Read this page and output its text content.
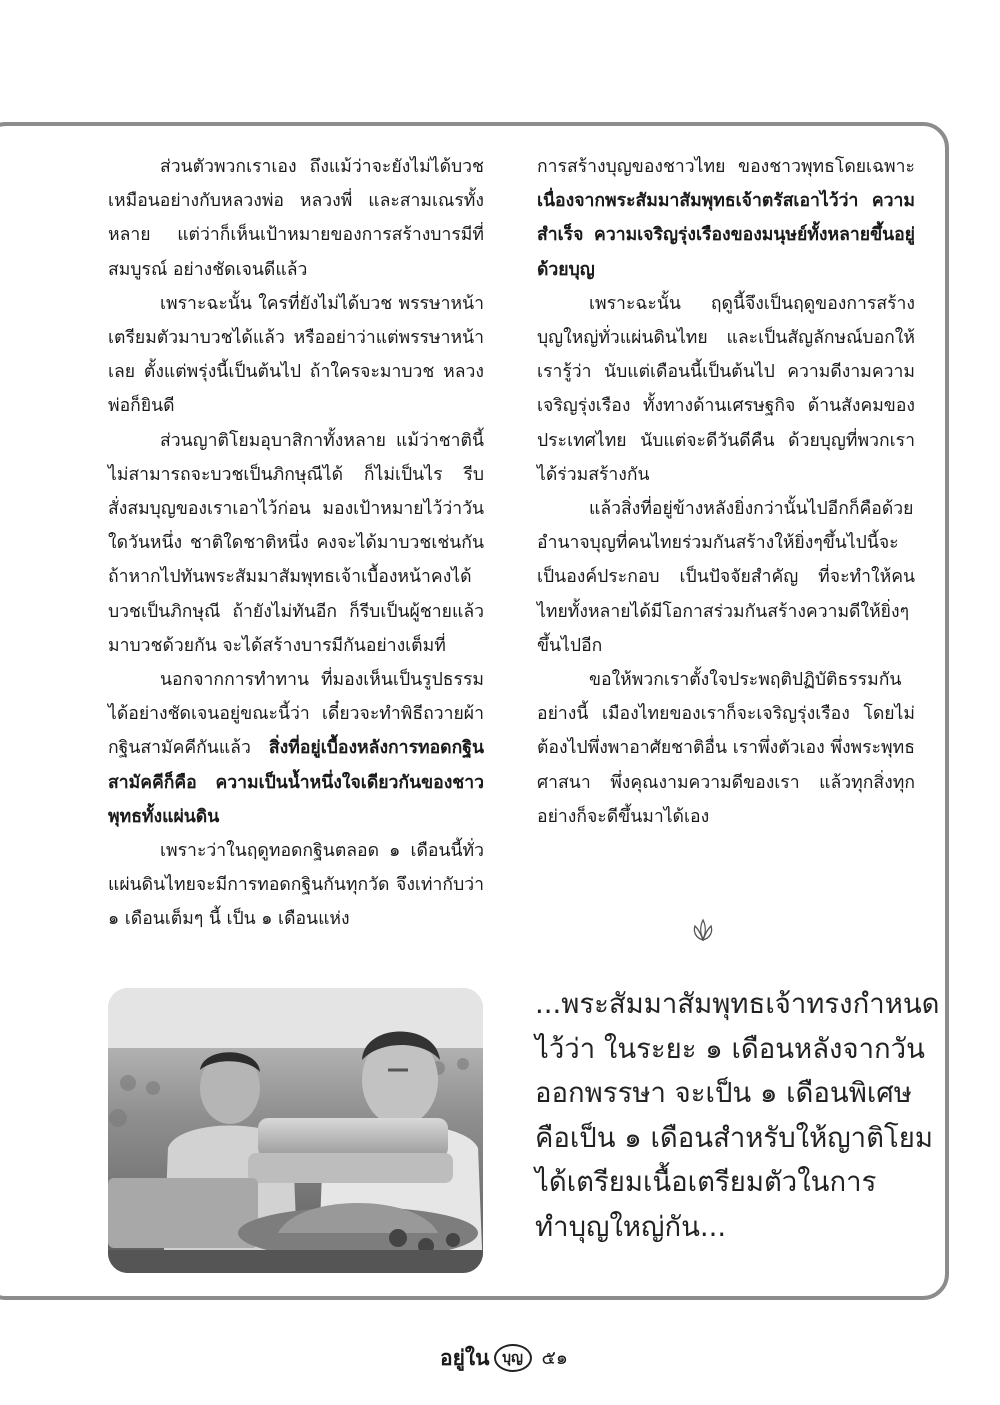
ส่วนตัวพวกเราเอง ถึงแม้ว่าจะยังไม่ได้บวชเหมือนอย่างกับหลวงพ่อ หลวงพี่ และสามเณรทั้งหลาย แต่ว่าก็เห็นเป้าหมายของการสร้างบารมีที่สมบูรณ์ อย่างชัดเจนดีแล้ว

เพราะฉะนั้น ใครที่ยังไม่ได้บวช พรรษาหน้าเตรียมตัวมาบวชได้แล้ว หรืออย่าว่าแต่พรรษาหน้าเลย ตั้งแต่พรุ่งนี้เป็นต้นไป ถ้าใครจะมาบวช หลวงพ่อก็ยินดี

ส่วนญาติโยมอุบาสิกาทั้งหลาย แม้ว่าชาตินี้ไม่สามารถจะบวชเป็นภิกษุณีได้ ก็ไม่เป็นไร รีบสั่งสมบุญของเราเอาไว้ก่อน มองเป้าหมายไว้ว่าวันใดวันหนึ่ง ชาติใดชาติหนึ่ง คงจะได้มาบวชเช่นกันถ้าหากไปทันพระสัมมาสัมพุทธเจ้าเบื้องหน้าคงได้บวชเป็นภิกษุณี ถ้ายังไม่ทันอีก ก็รีบเป็นผู้ชายแล้วมาบวชด้วยกัน จะได้สร้างบารมีกันอย่างเต็มที่

นอกจากการทำทาน ที่มองเห็นเป็นรูปธรรมได้อย่างชัดเจนอยู่ขณะนี้ว่า เดี๋ยวจะทำพิธีถวายผ้ากฐินสามัคคีกันแล้ว สิ่งที่อยู่เบื้องหลังการทอดกฐินสามัคคีก็คือ ความเป็นน้ำหนึ่งใจเดียวกันของชาวพุทธทั้งแผ่นดิน

เพราะว่าในฤดูทอดกฐินตลอด ๑ เดือนนี้ทั่วแผ่นดินไทยจะมีการทอดกฐินกันทุกวัด จึงเท่ากับว่า ๑ เดือนเต็มๆ นี้ เป็น ๑ เดือนแห่ง

การสร้างบุญของชาวไทย ของชาวพุทธโดยเฉพาะ เนื่องจากพระสัมมาสัมพุทธเจ้าตรัสเอาไว้ว่า ความสำเร็จ ความเจริญรุ่งเรืองของมนุษย์ทั้งหลายขึ้นอยู่ด้วยบุญ

เพราะฉะนั้น ฤดูนี้จึงเป็นฤดูของการสร้างบุญใหญ่ทั่วแผ่นดินไทย และเป็นสัญลักษณ์บอกให้เรารู้ว่า นับแต่เดือนนี้เป็นต้นไป ความดีงามความเจริญรุ่งเรือง ทั้งทางด้านเศรษฐกิจ ด้านสังคมของประเทศไทย นับแต่จะดีวันดีคืน ด้วยบุญที่พวกเราได้ร่วมสร้างกัน

แล้วสิ่งที่อยู่ข้างหลังยิ่งกว่านั้นไปอีกก็คือด้วยอำนาจบุญที่คนไทยร่วมกันสร้างให้ยิ่งๆขึ้นไปนี้จะเป็นองค์ประกอบ เป็นปัจจัยสำคัญ ที่จะทำให้คนไทยทั้งหลายได้มีโอกาสร่วมกันสร้างความดีให้ยิ่งๆ ขึ้นไปอีก

ขอให้พวกเราตั้งใจประพฤติปฏิบัติธรรมกันอย่างนี้ เมืองไทยของเราก็จะเจริญรุ่งเรือง โดยไม่ต้องไปพึ่งพาอาศัยชาติอื่น เราพึ่งตัวเอง พึ่งพระพุทธศาสนา พึ่งคุณงามความดีของเรา แล้วทุกสิ่งทุกอย่างก็จะดีขึ้นมาได้เอง

...พระสัมมาสัมพุทธเจ้าทรงกำหนด
ไว้ว่า ในระยะ ๑ เดือนหลังจากวัน
ออกพรรษา จะเป็น ๑ เดือนพิเศษ
คือเป็น ๑ เดือนสำหรับให้ญาติโยม
ได้เตรียมเนื้อเตรียมตัวในการ
ทำบุญใหญ่กัน...
อยู่ใน บุญ ๕๑
